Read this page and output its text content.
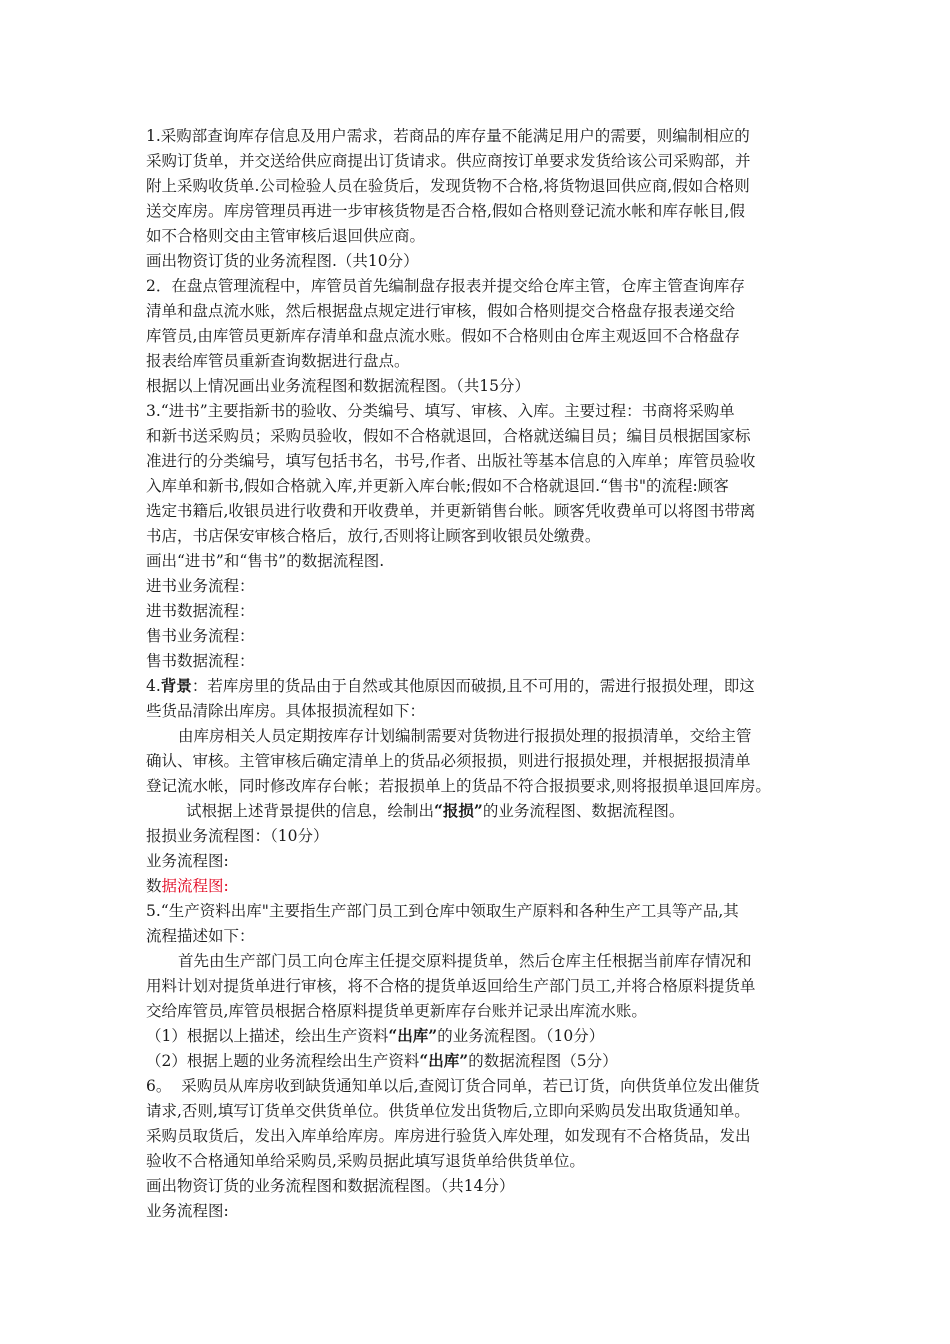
1.采购部查询库存信息及用户需求，若商品的库存量不能满足用户的需要，则编制相应的
采购订货单，并交送给供应商提出订货请求。供应商按订单要求发货给该公司采购部，并
附上采购收货单.公司检验人员在验货后，发现货物不合格,将货物退回供应商,假如合格则
送交库房。库房管理员再进一步审核货物是否合格,假如合格则登记流水帐和库存帐目,假
如不合格则交由主管审核后退回供应商。
画出物资订货的业务流程图.（共10分）
2．在盘点管理流程中，库管员首先编制盘存报表并提交给仓库主管，仓库主管查询库存
清单和盘点流水账，然后根据盘点规定进行审核，假如合格则提交合格盘存报表递交给
库管员,由库管员更新库存清单和盘点流水账。假如不合格则由仓库主观返回不合格盘存
报表给库管员重新查询数据进行盘点。
根据以上情况画出业务流程图和数据流程图。（共15分）
3.“进书”主要指新书的验收、分类编号、填写、审核、入库。主要过程：书商将采购单
和新书送采购员；采购员验收，假如不合格就退回，合格就送编目员；编目员根据国家标
准进行的分类编号，填写包括书名，书号,作者、出版社等基本信息的入库单；库管员验收
入库单和新书,假如合格就入库,并更新入库台帐;假如不合格就退回.“售书"的流程:顾客
选定书籍后,收银员进行收费和开收费单，并更新销售台帐。顾客凭收费单可以将图书带离
书店，书店保安审核合格后，放行,否则将让顾客到收银员处缴费。
画出“进书”和“售书”的数据流程图.
进书业务流程：
进书数据流程：
售书业务流程：
售书数据流程：
4.背景：若库房里的货品由于自然或其他原因而破损,且不可用的，需进行报损处理，即这
些货品清除出库房。具体报损流程如下：
由库房相关人员定期按库存计划编制需要对货物进行报损处理的报损清单，交给主管
确认、审核。主管审核后确定清单上的货品必须报损，则进行报损处理，并根据报损清单
登记流水帐，同时修改库存台帐；若报损单上的货品不符合报损要求,则将报损单退回库房。
试根据上述背景提供的信息，绘制出“报损”的业务流程图、数据流程图。
报损业务流程图：（10分）
业务流程图:
数据流程图:
5.“生产资料出库"主要指生产部门员工到仓库中领取生产原料和各种生产工具等产品,其
流程描述如下：
首先由生产部门员工向仓库主任提交原料提货单，然后仓库主任根据当前库存情况和
用料计划对提货单进行审核，将不合格的提货单返回给生产部门员工,并将合格原料提货单
交给库管员,库管员根据合格原料提货单更新库存台账并记录出库流水账。
（1）根据以上描述，绘出生产资料“出库”的业务流程图。（10分）
（2）根据上题的业务流程绘出生产资料“出库”的数据流程图（5分）
6。  采购员从库房收到缺货通知单以后,查阅订货合同单，若已订货，向供货单位发出催货
请求,否则,填写订货单交供货单位。供货单位发出货物后,立即向采购员发出取货通知单。
采购员取货后，发出入库单给库房。库房进行验货入库处理，如发现有不合格货品，发出
验收不合格通知单给采购员,采购员据此填写退货单给供货单位。
画出物资订货的业务流程图和数据流程图。（共14分）
业务流程图:
